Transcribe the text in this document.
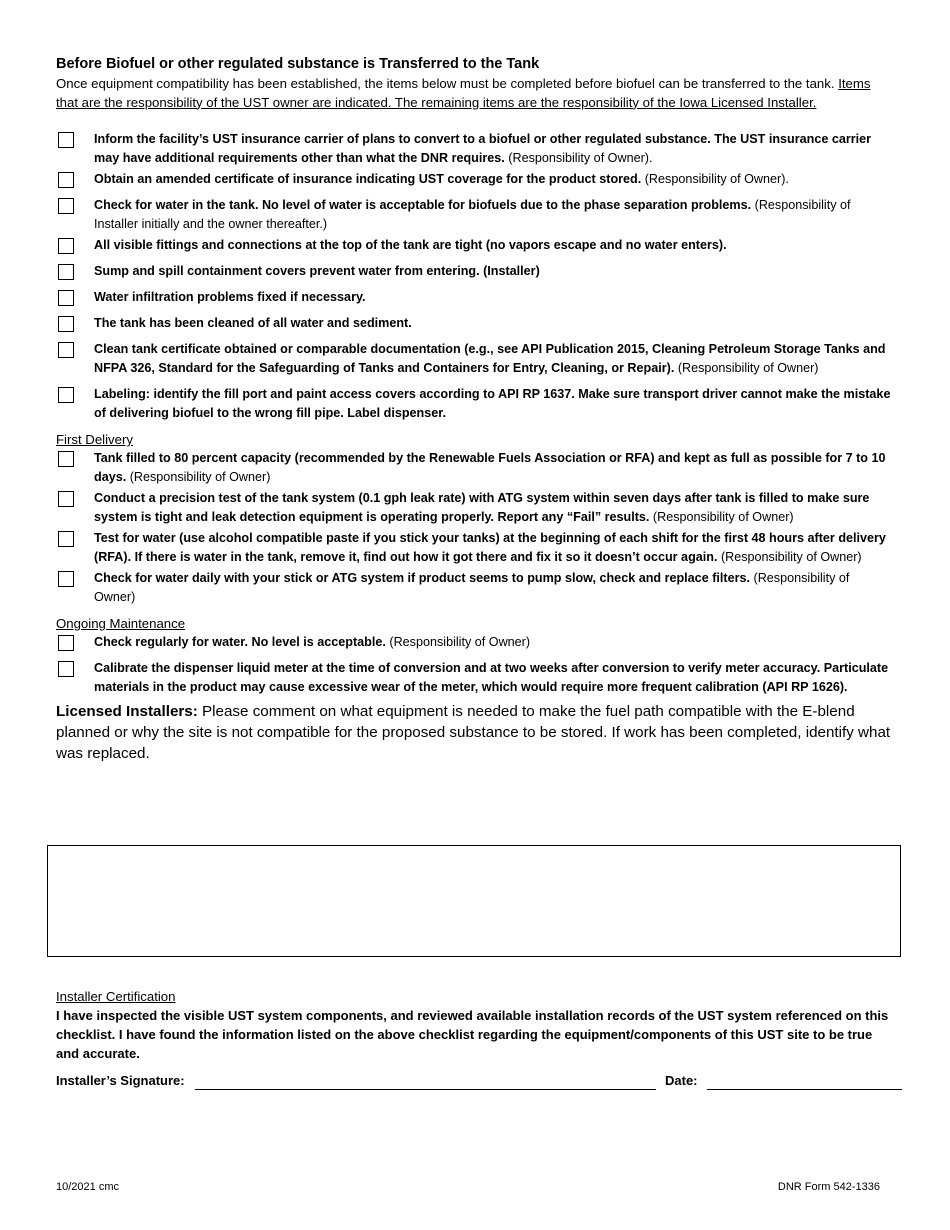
Before Biofuel or other regulated substance is Transferred to the Tank

Once equipment compatibility has been established, the items below must be completed before biofuel can be transferred to the tank. Items that are the responsibility of the UST owner are indicated. The remaining items are the responsibility of the Iowa Licensed Installer.

Inform the facility’s UST insurance carrier of plans to convert to a biofuel or other regulated substance. The UST insurance carrier may have additional requirements other than what the DNR requires. (Responsibility of Owner).
Obtain an amended certificate of insurance indicating UST coverage for the product stored. (Responsibility of Owner).
Check for water in the tank. No level of water is acceptable for biofuels due to the phase separation problems. (Responsibility of Installer initially and the owner thereafter.)
All visible fittings and connections at the top of the tank are tight (no vapors escape and no water enters).
Sump and spill containment covers prevent water from entering. (Installer)
Water infiltration problems fixed if necessary.
The tank has been cleaned of all water and sediment.
Clean tank certificate obtained or comparable documentation (e.g., see API Publication 2015, Cleaning Petroleum Storage Tanks and NFPA 326, Standard for the Safeguarding of Tanks and Containers for Entry, Cleaning, or Repair). (Responsibility of Owner)
Labeling: identify the fill port and paint access covers according to API RP 1637. Make sure transport driver cannot make the mistake of delivering biofuel to the wrong fill pipe. Label dispenser.
First Delivery
Tank filled to 80 percent capacity (recommended by the Renewable Fuels Association or RFA) and kept as full as possible for 7 to 10 days. (Responsibility of Owner)
Conduct a precision test of the tank system (0.1 gph leak rate) with ATG system within seven days after tank is filled to make sure system is tight and leak detection equipment is operating properly. Report any “Fail” results. (Responsibility of Owner)
Test for water (use alcohol compatible paste if you stick your tanks) at the beginning of each shift for the first 48 hours after delivery (RFA). If there is water in the tank, remove it, find out how it got there and fix it so it doesn’t occur again. (Responsibility of Owner)
Check for water daily with your stick or ATG system if product seems to pump slow, check and replace filters. (Responsibility of Owner)
Ongoing Maintenance
Check regularly for water. No level is acceptable. (Responsibility of Owner)
Calibrate the dispenser liquid meter at the time of conversion and at two weeks after conversion to verify meter accuracy. Particulate materials in the product may cause excessive wear of the meter, which would require more frequent calibration (API RP 1626).
Licensed Installers: Please comment on what equipment is needed to make the fuel path compatible with the E-blend planned or why the site is not compatible for the proposed substance to be stored. If work has been completed, identify what was replaced.
Installer Certification
I have inspected the visible UST system components, and reviewed available installation records of the UST system referenced on this checklist. I have found the information listed on the above checklist regarding the equipment/components of this UST site to be true and accurate.
Installer’s Signature:	Date:
10/2021 cmc	DNR Form 542-1336
